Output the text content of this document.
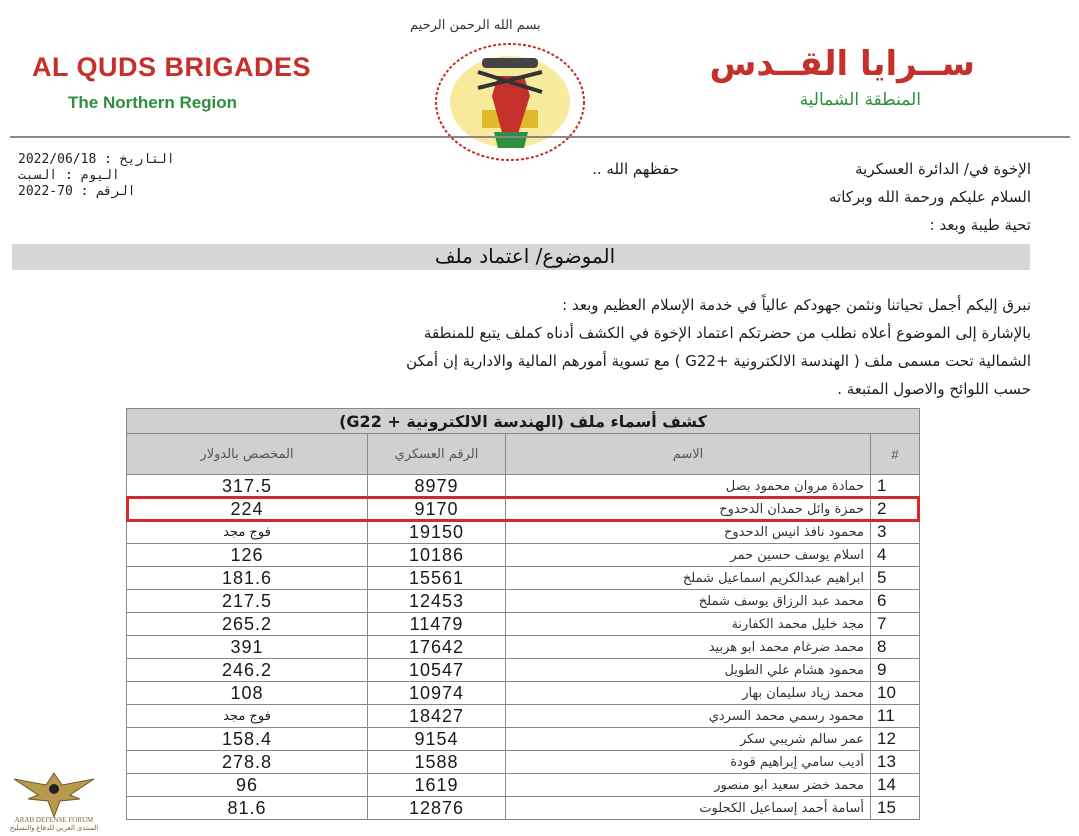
بسم الله الرحمن الرحيم
AL QUDS BRIGADES
The Northern Region
ســرايا القــدس
المنطقة الشمالية
التاريخ : 2022/06/18
اليوم : السبت
الرقم : 2022-70
الإخوة في/ الدائرة العسكرية
حفظهم الله ..
السلام عليكم ورحمة الله وبركاته
تحية طيبة وبعد :
الموضوع/ اعتماد ملف
نبرق إليكم أجمل تحياتنا ونثمن جهودكم عالياً في خدمة الإسلام العظيم وبعد :
بالإشارة إلى الموضوع أعلاه نطلب من حضرتكم اعتماد الإخوة في الكشف أدناه كملف يتبع للمنطقة
الشمالية تحت مسمى ملف ( الهندسة الالكترونية +G22 ) مع تسوية أمورهم المالية والادارية إن أمكن
حسب اللوائح والاصول المتبعة .
كشف أسماء ملف (الهندسة الالكترونية + G22)			
#	الاسم	الرقم العسكري	المخصص بالدولار
1	حمادة مروان محمود بصل	8979	317.5
2	حمزة وائل حمدان الدحدوح	9170	224
3	محمود نافذ انيس الدحدوح	19150	فوج مجد
4	اسلام يوسف حسين حمر	10186	126
5	ابراهيم عبدالكريم اسماعيل شملخ	15561	181.6
6	محمد عبد الرزاق يوسف شملخ	12453	217.5
7	مجد خليل محمد الكفارنة	11479	265.2
8	محمد ضرغام محمد ابو هربيد	17642	391
9	محمود هشام علي الطويل	10547	246.2
10	محمد زياد سليمان بهار	10974	108
11	محمود رسمي محمد السردي	18427	فوج مجد
12	عمر سالم شريبي سكر	9154	158.4
13	أديب سامي إبراهيم قودة	1588	278.8
14	محمد خضر سعيد ابو منصور	1619	96
15	أسامة أحمد إسماعيل الكحلوت	12876	81.6
ARAB DEFENSE FORUM
المنتدى العربي للدفاع والتسليح
